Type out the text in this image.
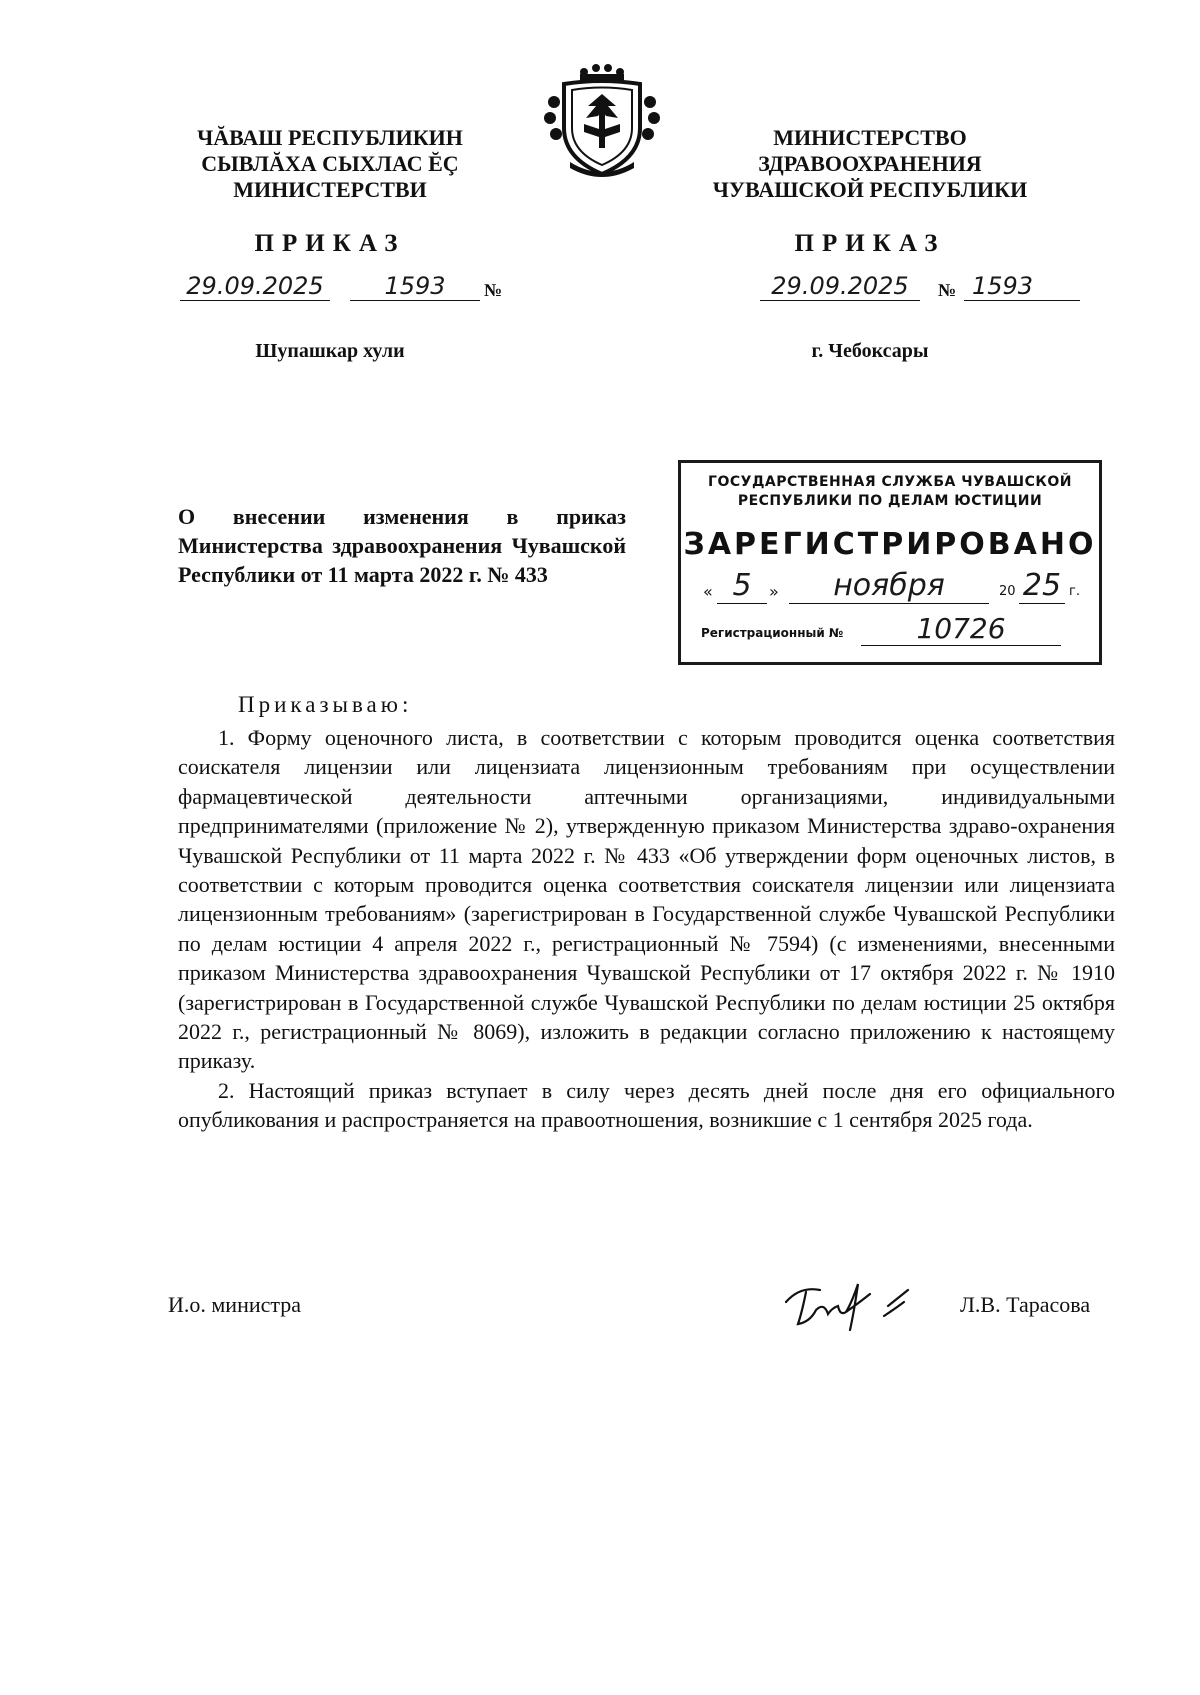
ЧĂВАШ РЕСПУБЛИКИН
СЫВЛĂХА СЫХЛАС ĔÇ
МИНИСТЕРСТВИ
ПРИКАЗ
29.09.2025	1593	№
Шупашкар хули
МИНИСТЕРСТВО
ЗДРАВООХРАНЕНИЯ
ЧУВАШСКОЙ РЕСПУБЛИКИ
ПРИКАЗ
29.09.2025	№ 1593
г. Чебоксары
О внесении изменения в приказ Министерства здравоохранения Чувашской Республики от 11 марта 2022 г. № 433
ГОСУДАРСТВЕННАЯ СЛУЖБА ЧУВАШСКОЙ
РЕСПУБЛИКИ ПО ДЕЛАМ ЮСТИЦИИ
ЗАРЕГИСТРИРОВАНО
« 5	»	ноября	20 25 г.
Регистрационный №	10726
Приказываю:

1. Форму оценочного листа, в соответствии с которым проводится оценка соответствия соискателя лицензии или лицензиата лицензионным требованиям при осуществлении фармацевтической деятельности аптечными организациями, индивидуальными предпринимателями (приложение № 2), утвержденную приказом Министерства здраво-охранения Чувашской Республики от 11 марта 2022 г. № 433 «Об утверждении форм оценочных листов, в соответствии с которым проводится оценка соответствия соискателя лицензии или лицензиата лицензионным требованиям» (зарегистрирован в Государственной службе Чувашской Республики по делам юстиции 4 апреля 2022 г., регистрационный № 7594) (с изменениями, внесенными приказом Министерства здравоохранения Чувашской Республики от 17 октября 2022 г. № 1910 (зарегистрирован в Государственной службе Чувашской Республики по делам юстиции 25 октября 2022 г., регистрационный № 8069), изложить в редакции согласно приложению к настоящему приказу.

2. Настоящий приказ вступает в силу через десять дней после дня его официального опубликования и распространяется на правоотношения, возникшие с 1 сентября 2025 года.

И.о. министра	Л.В. Тарасова
